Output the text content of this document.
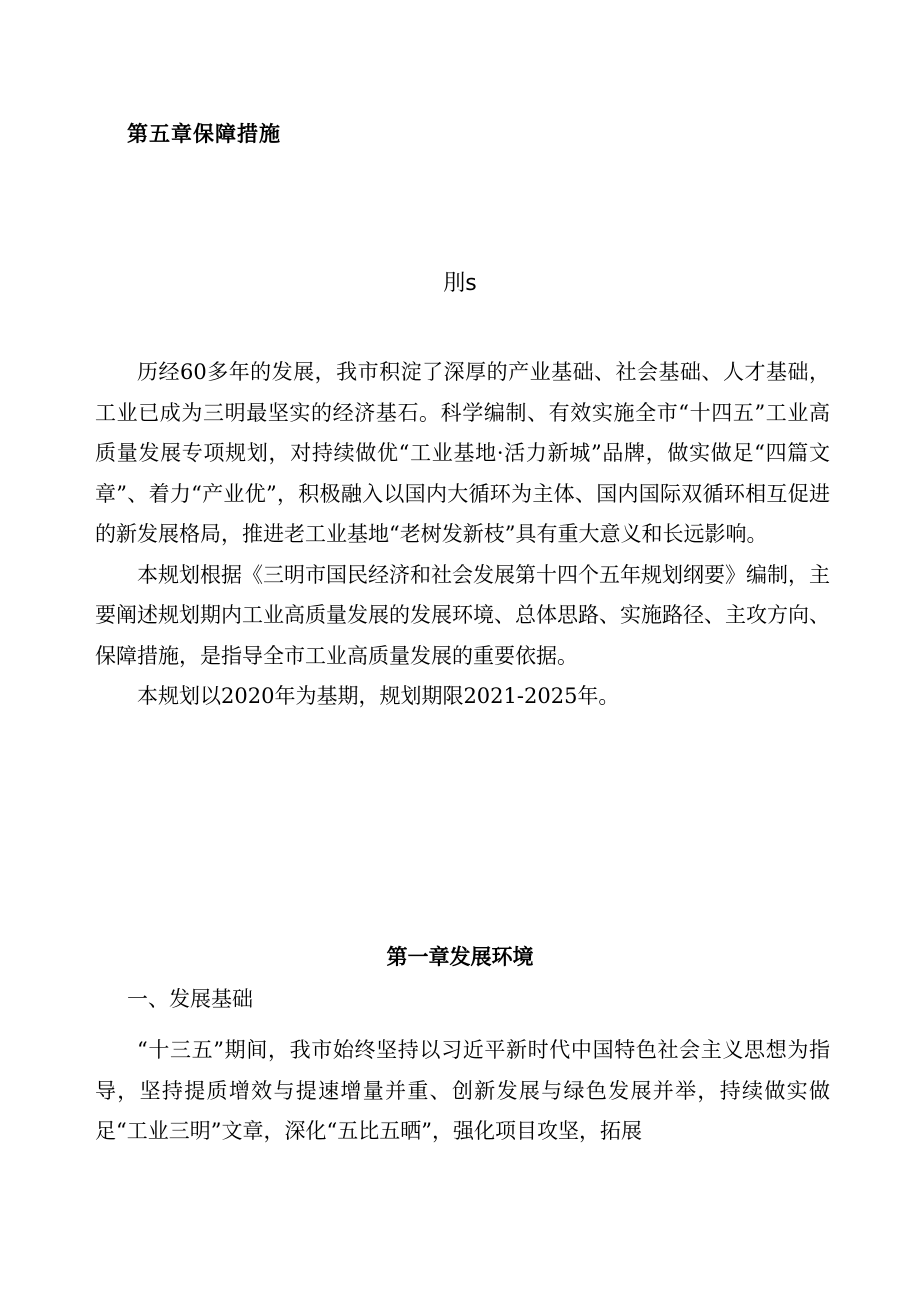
第五章保障措施
刖s

历经60多年的发展，我市积淀了深厚的产业基础、社会基础、人才基础，工业已成为三明最坚实的经济基石。科学编制、有效实施全市“十四五”工业高质量发展专项规划，对持续做优“工业基地·活力新城”品牌，做实做足“四篇文章”、着力“产业优”，积极融入以国内大循环为主体、国内国际双循环相互促进的新发展格局，推进老工业基地“老树发新枝”具有重大意义和长远影响。

本规划根据《三明市国民经济和社会发展第十四个五年规划纲要》编制，主要阐述规划期内工业高质量发展的发展环境、总体思路、实施路径、主攻方向、保障措施，是指导全市工业高质量发展的重要依据。

本规划以2020年为基期，规划期限2021-2025年。

第一章发展环境
一、发展基础

“十三五”期间，我市始终坚持以习近平新时代中国特色社会主义思想为指导，坚持提质增效与提速增量并重、创新发展与绿色发展并举，持续做实做足“工业三明”文章，深化“五比五晒”，强化项目攻坚，拓展
